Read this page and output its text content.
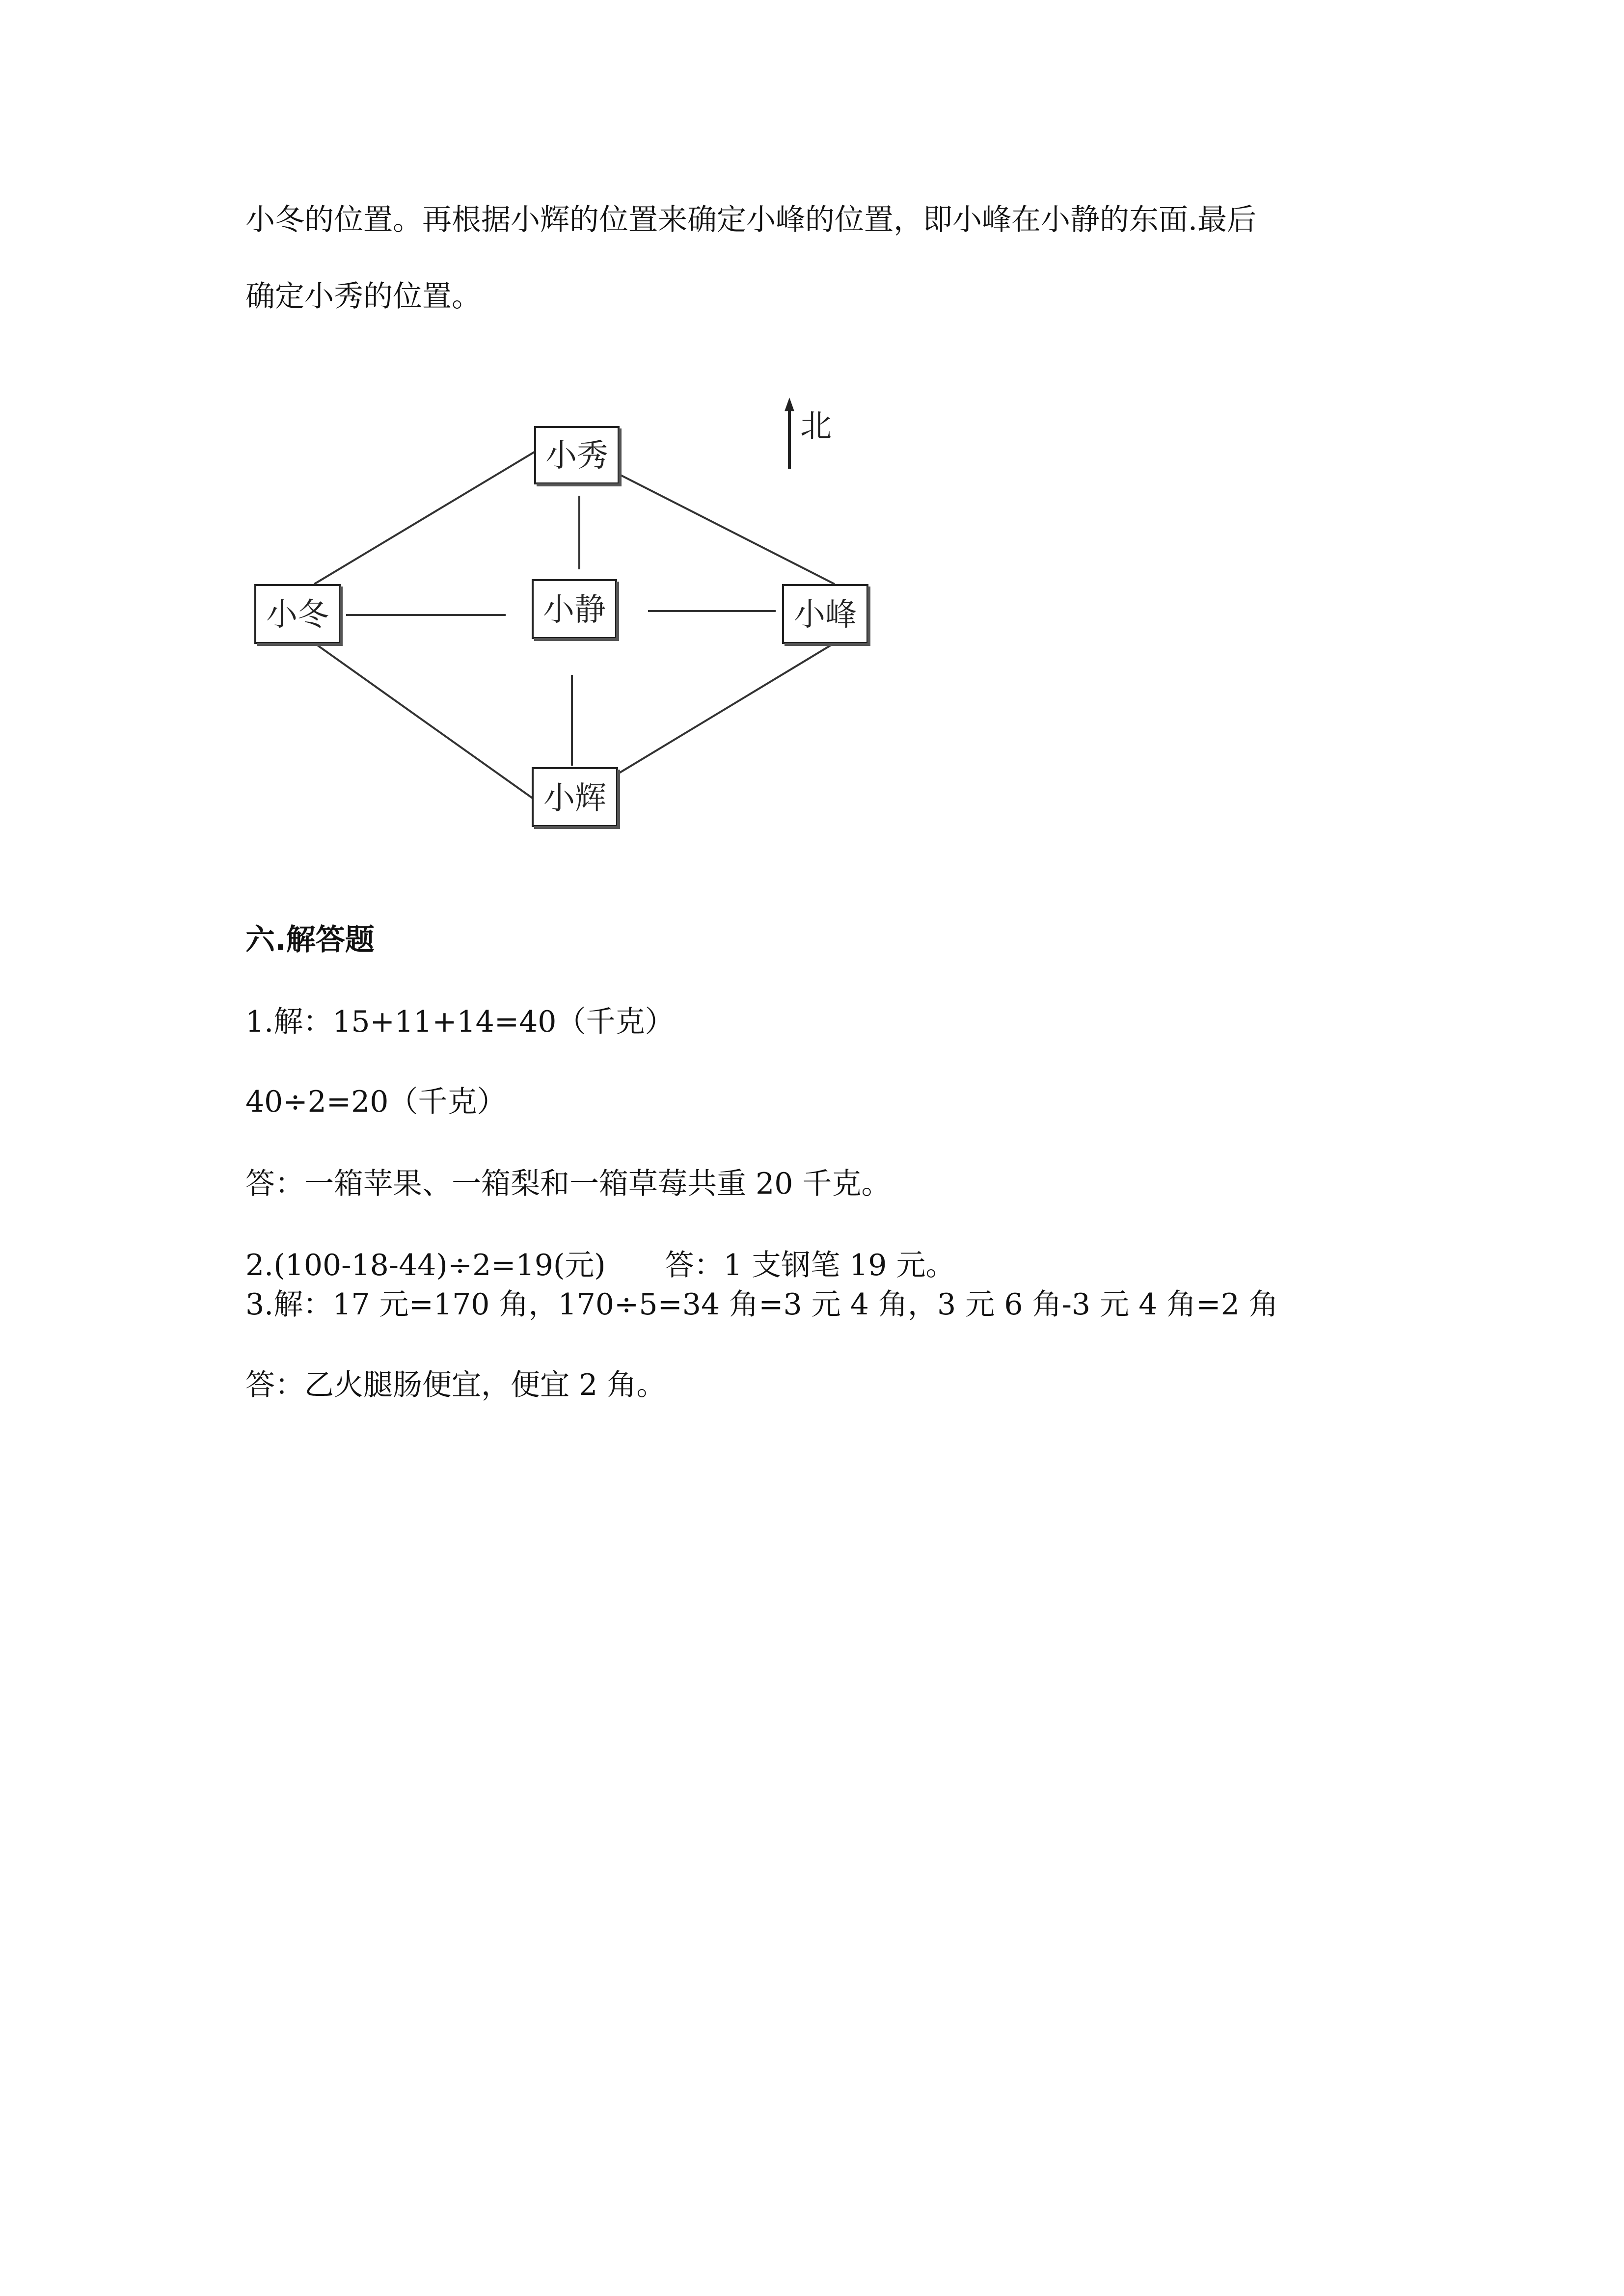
小冬的位置。再根据小辉的位置来确定小峰的位置，即小峰在小静的东面.最后
确定小秀的位置。
北
小秀
小冬	小静	小峰
小辉
六.解答题
1.解：15+11+14=40（千克）
40÷2=20（千克）
答：一箱苹果、一箱梨和一箱草莓共重 20 千克。
2.(100-18-44)÷2=19(元)　　答：1 支钢笔 19 元。
3.解：17 元=170 角，170÷5=34 角=3 元 4 角，3 元 6 角-3 元 4 角=2 角
答：乙火腿肠便宜，便宜 2 角。
